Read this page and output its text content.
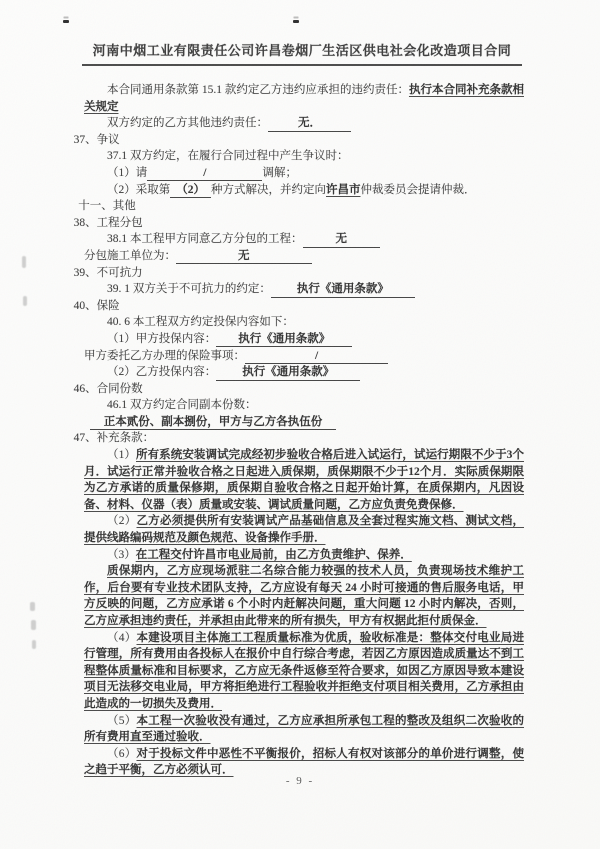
河南中烟工业有限责任公司许昌卷烟厂生活区供电社会化改造项目合同

本合同通用条款第 15.1 款约定乙方违约应承担的违约责任：执行本合同补充条款相关规定

双方约定的乙方其他违约责任：	无．

37、争议

37.1 双方约定，在履行合同过程中产生争议时：

（1）请	/	调解；

（2）采取第 （2） 种方式解决，并约定向许昌市仲裁委员会提请仲裁．

十一、其他

38、工程分包

38.1 本工程甲方同意乙方分包的工程：	无

分包施工单位为：	无

39、不可抗力

39. 1 双方关于不可抗力的约定： 执行《通用条款》

40、保险

40. 6 本工程双方约定投保内容如下：

（1）甲方投保内容： 执行《通用条款》

甲方委托乙方办理的保险事项：	/

（2）乙方投保内容： 执行《通用条款》

46、合同份数

46.1 双方约定合同副本份数：

正本贰份、副本捌份，甲方与乙方各执伍份

47、补充条款：

（1）所有系统安装调试完成经初步验收合格后进入试运行，试运行期限不少于3个月．试运行正常并验收合格之日起进入质保期，质保期限不少于12个月．实际质保期限为乙方承诺的质量保修期，质保期自验收合格之日起开始计算，在质保期内，凡因设备、材料、仪器（表）质量或安装、调试质量问题，乙方应负责免费保修．

（2）乙方必须提供所有安装调试产品基础信息及全套过程实施文档、测试文档，提供线路编码规范及颜色规范、设备操作手册．

（3）在工程交付许昌市电业局前，由乙方负责维护、保养．

质保期内，乙方应现场派驻二名综合能力较强的技术人员，负责现场技术维护工作，后台要有专业技术团队支持，乙方应设有每天 24 小时可接通的售后服务电话，甲方反映的问题，乙方应承诺 6 个小时内赶解决问题，重大问题 12 小时内解决，否则，乙方应承担违约责任，并承担由此带来的所有损失，甲方有权据此拒付质保金．

（4）本建设项目主体施工工程质量标准为优质，验收标准是：整体交付电业局进行管理，所有费用由各投标人在报价中自行综合考虑，若因乙方原因造成质量达不到工程整体质量标准和目标要求，乙方应无条件返修至符合要求，如因乙方原因导致本建设项目无法移交电业局，甲方将拒绝进行工程验收并拒绝支付项目相关费用，乙方承担由此造成的一切损失及费用．

（5）本工程一次验收没有通过，乙方应承担所承包工程的整改及组织二次验收的所有费用直至通过验收．

（6）对于投标文件中恶性不平衡报价，招标人有权对该部分的单价进行调整，使之趋于平衡，乙方必须认可．

- 9 -
